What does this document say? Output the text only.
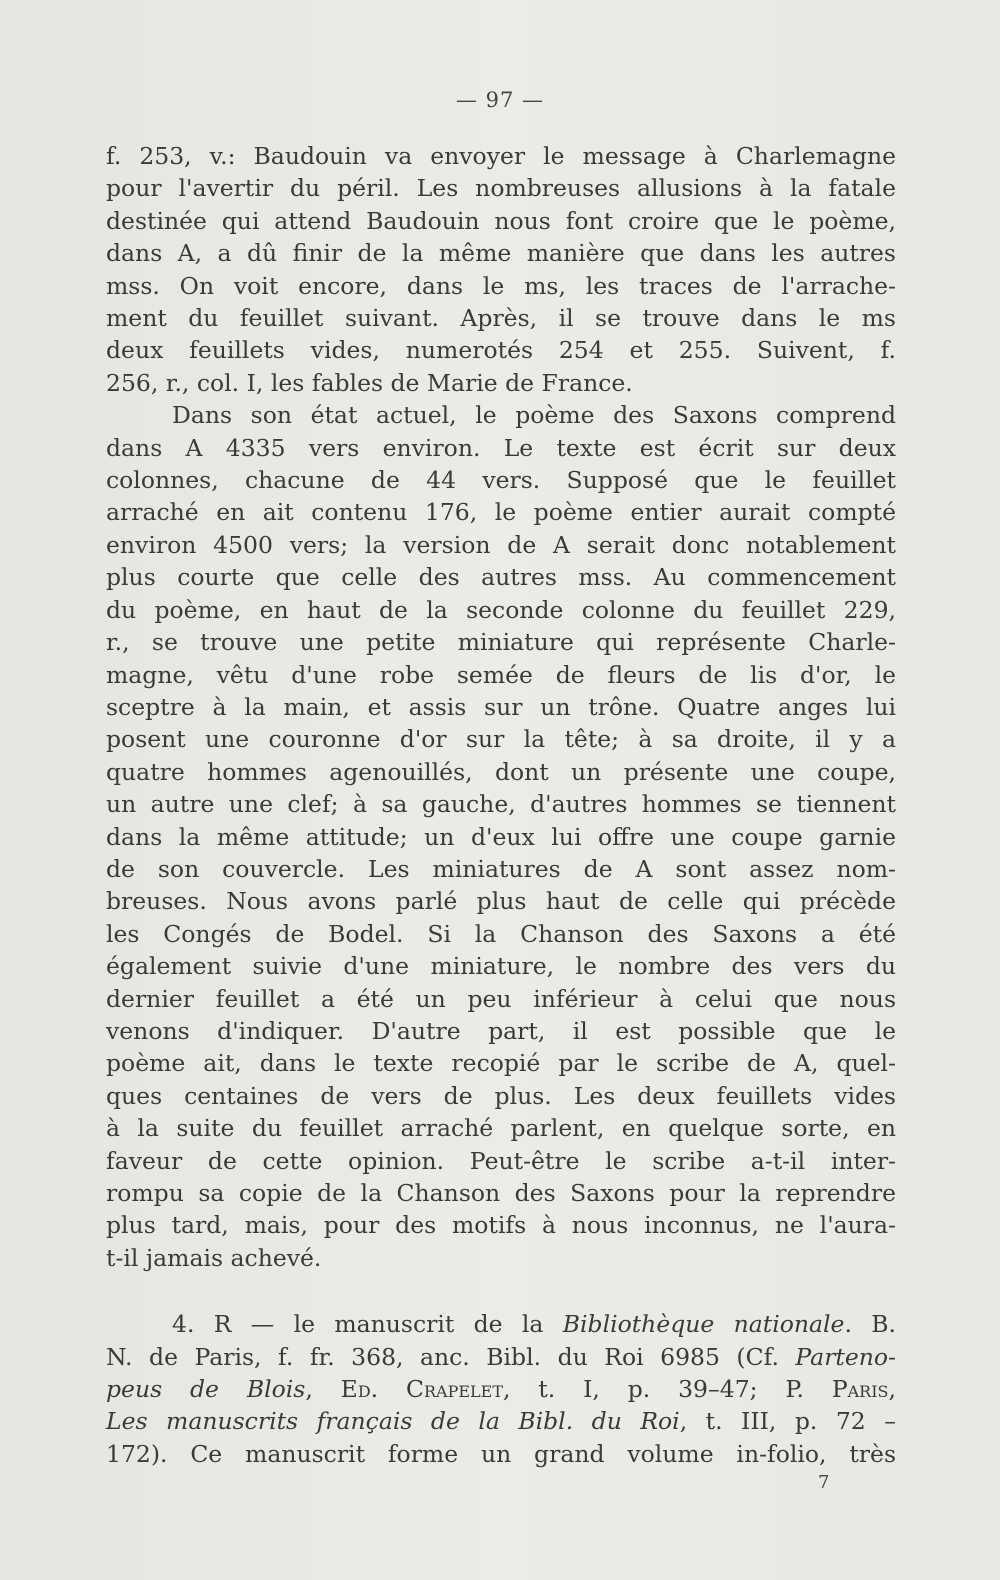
— 97 —

f. 253, v.: Baudouin va envoyer le message à Charlemagne
pour l'avertir du péril. Les nombreuses allusions à la fatale
destinée qui attend Baudouin nous font croire que le poème,
dans A, a dû finir de la même manière que dans les autres
mss. On voit encore, dans le ms, les traces de l'arrache-
ment du feuillet suivant. Après, il se trouve dans le ms
deux feuillets vides, numerotés 254 et 255. Suivent, f.
256, r., col. I, les fables de Marie de France.

Dans son état actuel, le poème des Saxons comprend
dans A 4335 vers environ. Le texte est écrit sur deux
colonnes, chacune de 44 vers. Supposé que le feuillet
arraché en ait contenu 176, le poème entier aurait compté
environ 4500 vers; la version de A serait donc notablement
plus courte que celle des autres mss. Au commencement
du poème, en haut de la seconde colonne du feuillet 229,
r., se trouve une petite miniature qui représente Charle-
magne, vêtu d'une robe semée de fleurs de lis d'or, le
sceptre à la main, et assis sur un trône. Quatre anges lui
posent une couronne d'or sur la tête; à sa droite, il y a
quatre hommes agenouillés, dont un présente une coupe,
un autre une clef; à sa gauche, d'autres hommes se tiennent
dans la même attitude; un d'eux lui offre une coupe garnie
de son couvercle. Les miniatures de A sont assez nom-
breuses. Nous avons parlé plus haut de celle qui précède
les Congés de Bodel. Si la Chanson des Saxons a été
également suivie d'une miniature, le nombre des vers du
dernier feuillet a été un peu inférieur à celui que nous
venons d'indiquer. D'autre part, il est possible que le
poème ait, dans le texte recopié par le scribe de A, quel-
ques centaines de vers de plus. Les deux feuillets vides
à la suite du feuillet arraché parlent, en quelque sorte, en
faveur de cette opinion. Peut-être le scribe a-t-il inter-
rompu sa copie de la Chanson des Saxons pour la reprendre
plus tard, mais, pour des motifs à nous inconnus, ne l'aura-
t-il jamais achevé.

4. R — le manuscrit de la Bibliothèque nationale. B.
N. de Paris, f. fr. 368, anc. Bibl. du Roi 6985 (Cf. Parteno-
peus de Blois, Ed. Crapelet, t. I, p. 39–47; P. Paris,
Les manuscrits français de la Bibl. du Roi, t. III, p. 72 –
172). Ce manuscrit forme un grand volume in-folio, très

7
